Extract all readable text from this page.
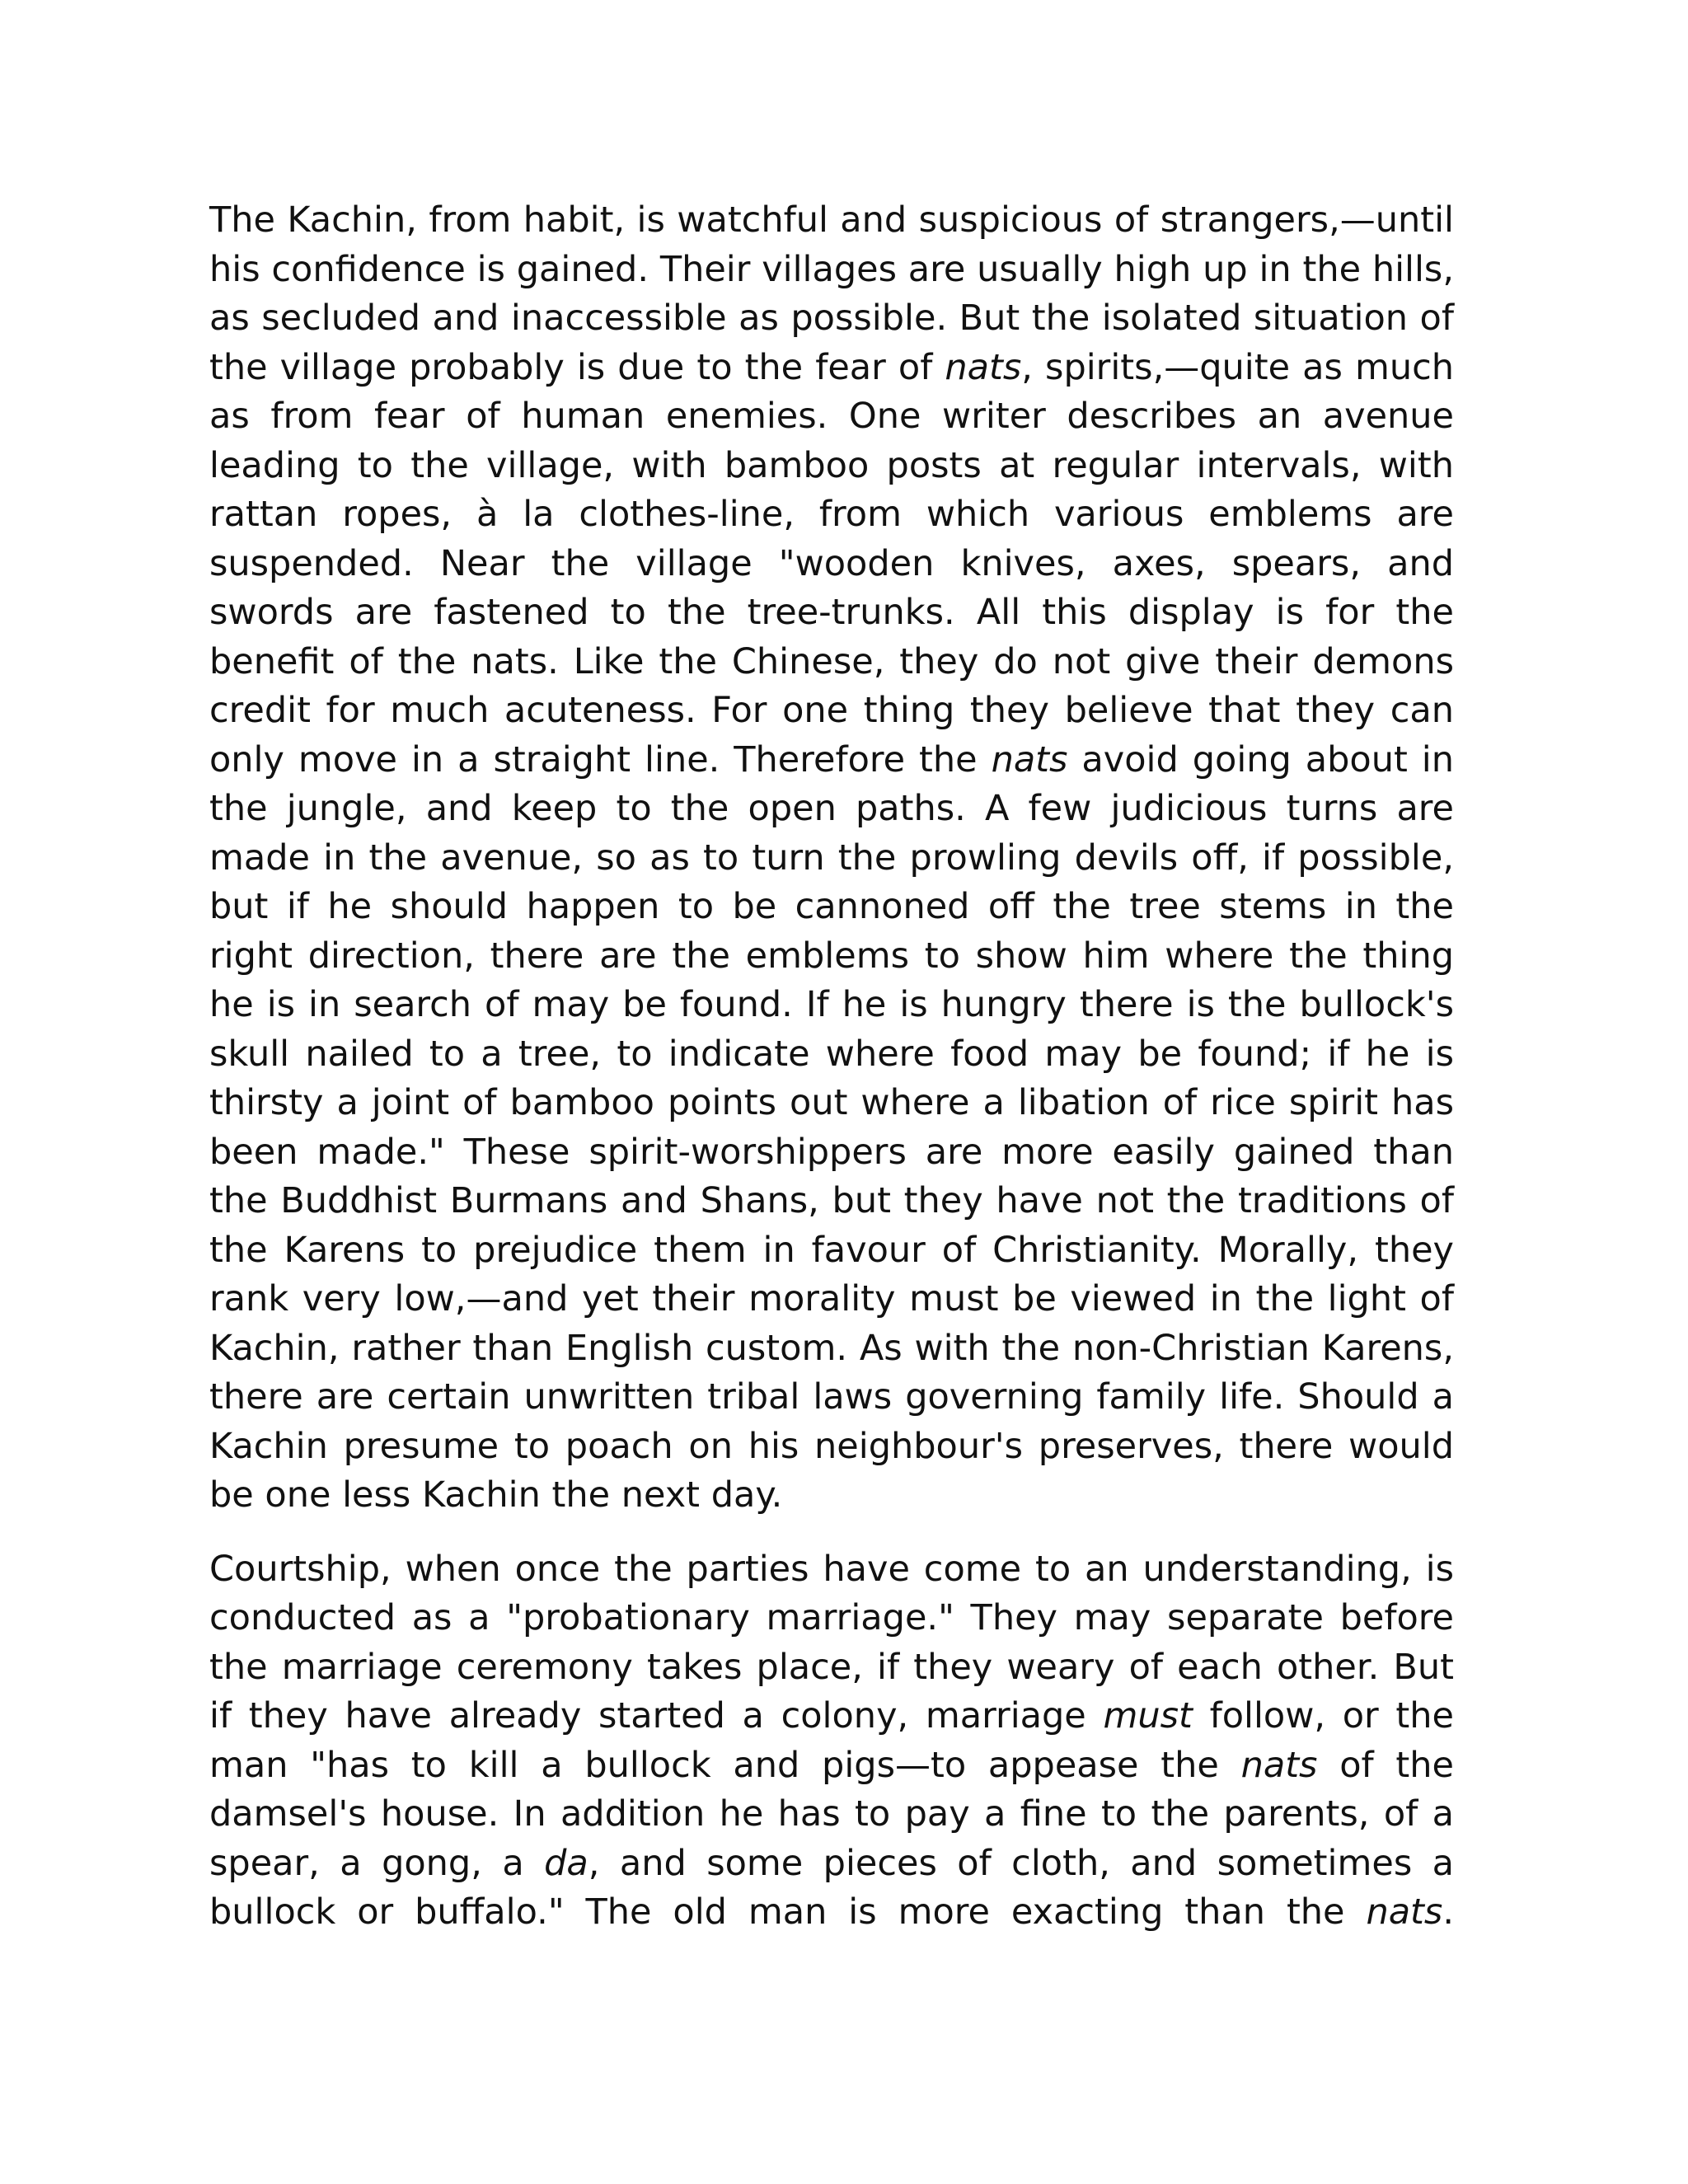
The Kachin, from habit, is watchful and suspicious of strangers,—until his confidence is gained. Their villages are usually high up in the hills, as secluded and inaccessible as possible. But the isolated situation of the village probably is due to the fear of nats, spirits,—quite as much as from fear of human enemies. One writer describes an avenue leading to the village, with bamboo posts at regular intervals, with rattan ropes, à la clothes-line, from which various emblems are suspended. Near the village "wooden knives, axes, spears, and swords are fastened to the tree-trunks. All this display is for the benefit of the nats. Like the Chinese, they do not give their demons credit for much acuteness. For one thing they believe that they can only move in a straight line. Therefore the nats avoid going about in the jungle, and keep to the open paths. A few judicious turns are made in the avenue, so as to turn the prowling devils off, if possible, but if he should happen to be cannoned off the tree stems in the right direction, there are the emblems to show him where the thing he is in search of may be found. If he is hungry there is the bullock's skull nailed to a tree, to indicate where food may be found; if he is thirsty a joint of bamboo points out where a libation of rice spirit has been made." These spirit-worshippers are more easily gained than the Buddhist Burmans and Shans, but they have not the traditions of the Karens to prejudice them in favour of Christianity. Morally, they rank very low,—and yet their morality must be viewed in the light of Kachin, rather than English custom. As with the non-Christian Karens, there are certain unwritten tribal laws governing family life. Should a Kachin presume to poach on his neighbour's preserves, there would be one less Kachin the next day.

Courtship, when once the parties have come to an understanding, is conducted as a "probationary marriage." They may separate before the marriage ceremony takes place, if they weary of each other. But if they have already started a colony, marriage must follow, or the man "has to kill a bullock and pigs—to appease the nats of the damsel's house. In addition he has to pay a fine to the parents, of a spear, a gong, a da, and some pieces of cloth, and sometimes a bullock or buffalo." The old man is more exacting than the nats.
